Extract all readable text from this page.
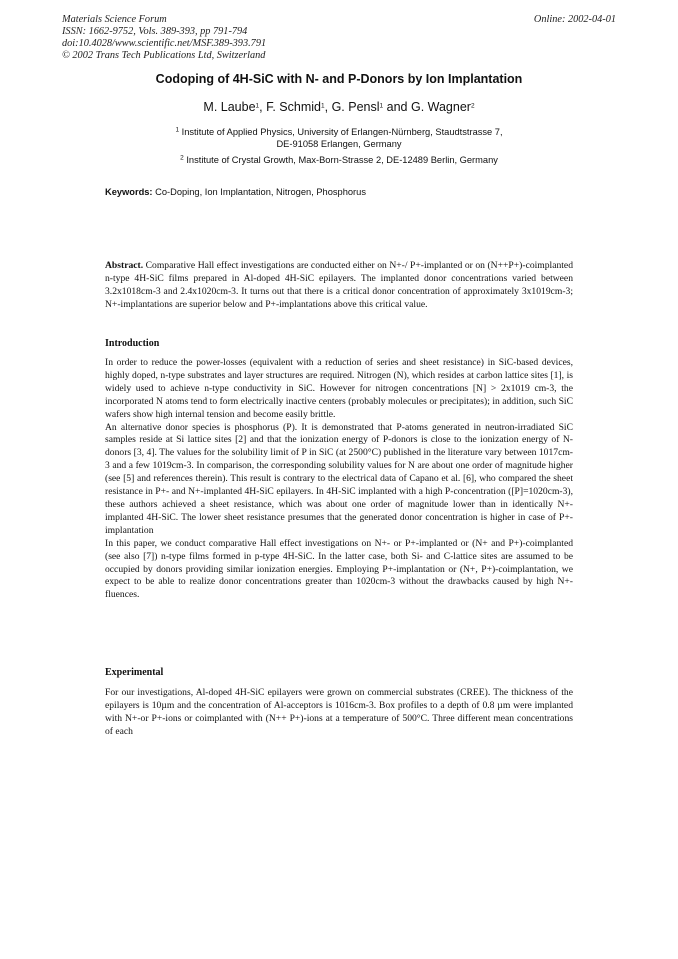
Materials Science Forum
ISSN: 1662-9752, Vols. 389-393, pp 791-794
doi:10.4028/www.scientific.net/MSF.389-393.791
© 2002 Trans Tech Publications Ltd, Switzerland
Online: 2002-04-01
Codoping of 4H-SiC with N- and P-Donors by Ion Implantation
M. Laube$^1$, F. Schmid$^1$, G. Pensl$^1$ and G. Wagner$^2$
$^1$ Institute of Applied Physics, University of Erlangen-Nürnberg, Staudtstrasse 7,
DE-91058 Erlangen, Germany
$^2$ Institute of Crystal Growth, Max-Born-Strasse 2, DE-12489 Berlin, Germany
Keywords: Co-Doping, Ion Implantation, Nitrogen, Phosphorus
Abstract. Comparative Hall effect investigations are conducted either on N+-/ P+-implanted or on (N++P+)-coimplanted n-type 4H-SiC films prepared in Al-doped 4H-SiC epilayers. The implanted donor concentrations varied between 3.2x1018cm-3 and 2.4x1020cm-3. It turns out that there is a critical donor concentration of approximately 3x1019cm-3; N+-implantations are superior below and P+-implantations above this critical value.
Introduction

In order to reduce the power-losses (equivalent with a reduction of series and sheet resistance) in SiC-based devices, highly doped, n-type substrates and layer structures are required. Nitrogen (N), which resides at carbon lattice sites [1], is widely used to achieve n-type conductivity in SiC. However for nitrogen concentrations [N] > 2x1019 cm-3, the incorporated N atoms tend to form electrically inactive centers (probably molecules or precipitates); in addition, such SiC wafers show high internal tension and become easily brittle.

An alternative donor species is phosphorus (P). It is demonstrated that P-atoms generated in neutron-irradiated SiC samples reside at Si lattice sites [2] and that the ionization energy of P-donors is close to the ionization energy of N-donors [3, 4]. The values for the solubility limit of P in SiC (at 2500°C) published in the literature vary between 1017cm-3 and a few 1019cm-3. In comparison, the corresponding solubility values for N are about one order of magnitude higher (see [5] and references therein). This result is contrary to the electrical data of Capano et al. [6], who compared the sheet resistance in P+- and N+-implanted 4H-SiC epilayers. In 4H-SiC implanted with a high P-concentration ([P]=1020cm-3), these authors achieved a sheet resistance, which was about one order of magnitude lower than in identically N+- implanted 4H-SiC. The lower sheet resistance presumes that the generated donor concentration is higher in case of P+-implantation

In this paper, we conduct comparative Hall effect investigations on N+- or P+-implanted or (N+ and P+)-coimplanted (see also [7]) n-type films formed in p-type 4H-SiC. In the latter case, both Si- and C-lattice sites are assumed to be occupied by donors providing similar ionization energies. Employing P+-implantation or (N+, P+)-coimplantation, we expect to be able to realize donor concentrations greater than 1020cm-3 without the drawbacks caused by high N+-fluences.

Experimental

For our investigations, Al-doped 4H-SiC epilayers were grown on commercial substrates (CREE). The thickness of the epilayers is 10µm and the concentration of Al-acceptors is 1016cm-3. Box profiles to a depth of 0.8 µm were implanted with N+-or P+-ions or coimplanted with (N++ P+)-ions at a temperature of 500°C. Three different mean concentrations of each
